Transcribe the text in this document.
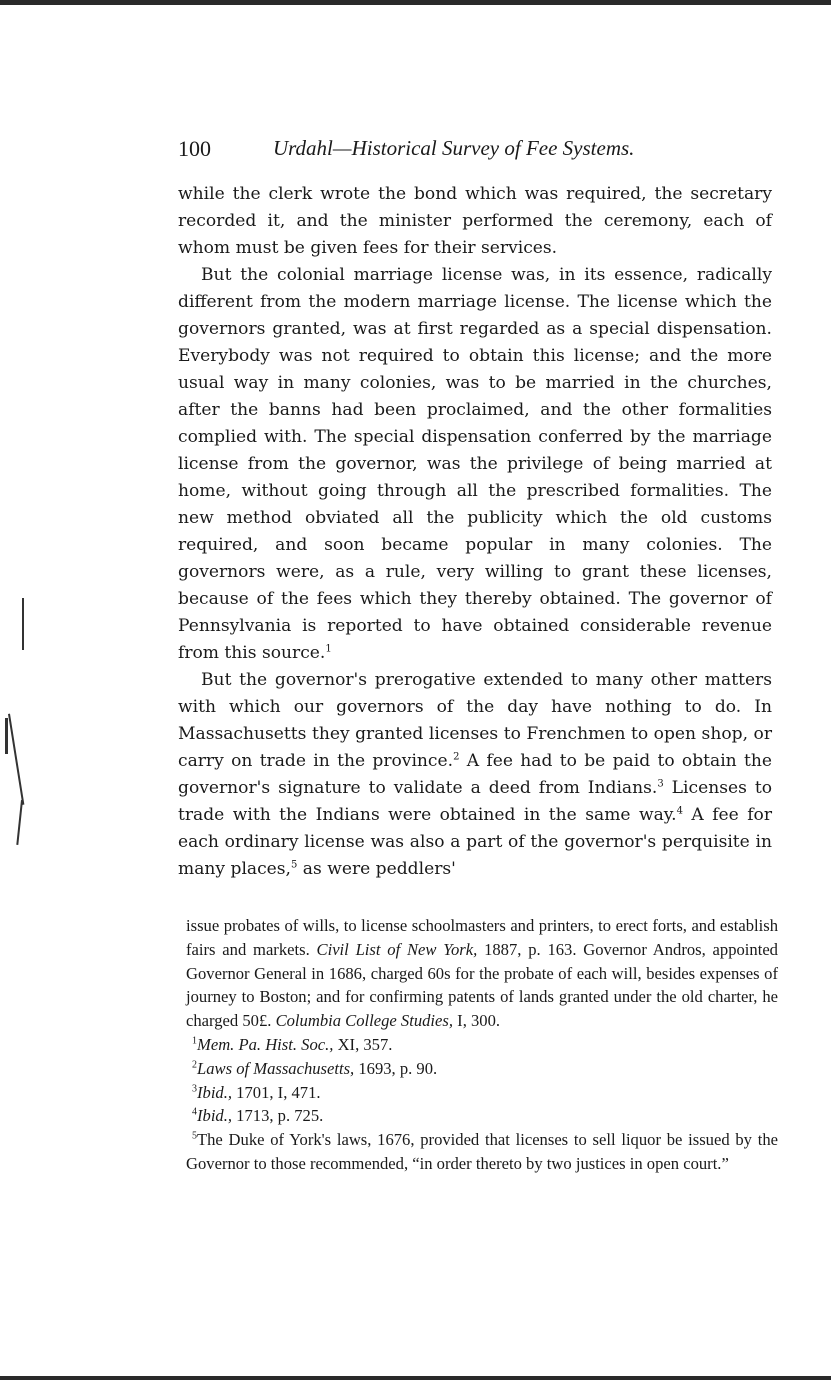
100	Urdahl—Historical Survey of Fee Systems.

while the clerk wrote the bond which was required, the secretary recorded it, and the minister performed the ceremony, each of whom must be given fees for their services.

But the colonial marriage license was, in its essence, radically different from the modern marriage license. The license which the governors granted, was at first regarded as a special dispensation. Everybody was not required to obtain this license; and the more usual way in many colonies, was to be married in the churches, after the banns had been proclaimed, and the other formalities complied with. The special dispensation conferred by the marriage license from the governor, was the privilege of being married at home, without going through all the prescribed formalities. The new method obviated all the publicity which the old customs required, and soon became popular in many colonies. The governors were, as a rule, very willing to grant these licenses, because of the fees which they thereby obtained. The governor of Pennsylvania is reported to have obtained considerable revenue from this source.$^1$

But the governor's prerogative extended to many other matters with which our governors of the day have nothing to do. In Massachusetts they granted licenses to Frenchmen to open shop, or carry on trade in the province.$^2$ A fee had to be paid to obtain the governor's signature to validate a deed from Indians.$^3$ Licenses to trade with the Indians were obtained in the same way.$^4$ A fee for each ordinary license was also a part of the governor's perquisite in many places,$^5$ as were peddlers'

issue probates of wills, to license schoolmasters and printers, to erect forts, and establish fairs and markets. Civil List of New York, 1887, p. 163. Governor Andros, appointed Governor General in 1686, charged 60s for the probate of each will, besides expenses of journey to Boston; and for confirming patents of lands granted under the old charter, he charged 50£. Columbia College Studies, I, 300.

$^1$Mem. Pa. Hist. Soc., XI, 357.

$^2$Laws of Massachusetts, 1693, p. 90.

$^3$Ibid., 1701, I, 471.

$^4$Ibid., 1713, p. 725.

$^5$The Duke of York's laws, 1676, provided that licenses to sell liquor be issued by the Governor to those recommended, “in order thereto by two justices in open court.”
